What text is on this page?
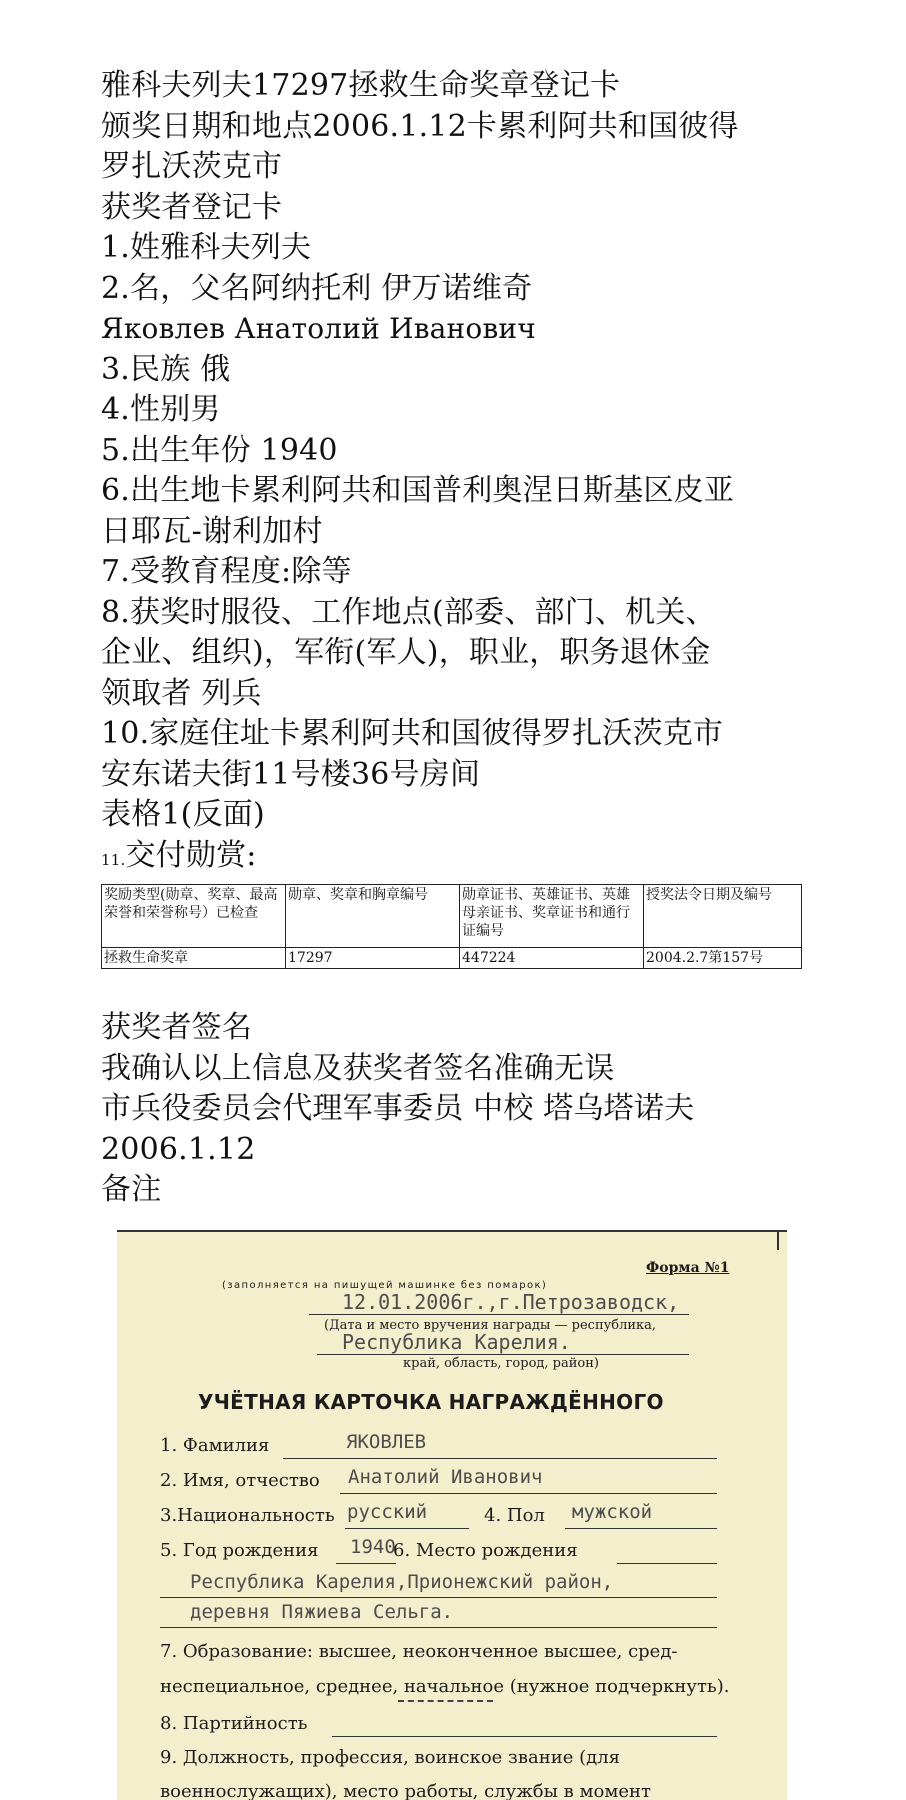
雅科夫列夫17297拯救生命奖章登记卡
颁奖日期和地点2006.1.12卡累利阿共和国彼得
罗扎沃茨克市
获奖者登记卡
1.姓雅科夫列夫
2.名，父名阿纳托利 伊万诺维奇
Яковлев Анатолий Иванович
3.民族 俄
4.性别男
5.出生年份 1940
6.出生地卡累利阿共和国普利奥涅日斯基区皮亚
日耶瓦-谢利加村
7.受教育程度:除等
8.获奖时服役、工作地点(部委、部门、机关、
企业、组织)，军衔(军人)，职业，职务退休金
领取者 列兵
10.家庭住址卡累利阿共和国彼得罗扎沃茨克市
安东诺夫街11号楼36号房间
表格1(反面)
11.交付勋赏:
奖励类型(勋章、奖章、最高荣誉和荣誉称号）已检查	勋章、奖章和胸章编号	勋章证书、英雄证书、英雄母亲证书、奖章证书和通行证编号	授奖法令日期及编号
拯救生命奖章	17297	447224	2004.2.7第157号
获奖者签名
我确认以上信息及获奖者签名准确无误
市兵役委员会代理军事委员 中校 塔乌塔诺夫
2006.1.12
备注
Форма №1
(заполняется на пишущей машинке без помарок)
12.01.2006г.,г.Петрозаводск,
(Дата и место вручения награды — республика,
Республика Карелия.
край, область, город, район)
УЧЁТНАЯ КАРТОЧКА НАГРАЖДЁННОГО
1. Фамилия	ЯКОВЛЕВ
2. Имя, отчество Анатолий Иванович
3.Национальность русский	4. Пол мужской
5. Год рождения 1940
6. Место рождения
Республика Карелия,Прионежский район,
деревня Пяжиева Сельга.
7. Образование: высшее, неоконченное высшее, сред-
неспециальное, среднее, начальное (нужное подчеркнуть).
8. Партийность
9. Должность, профессия, воинское звание (для
военнослужащих), место работы, службы в момент
